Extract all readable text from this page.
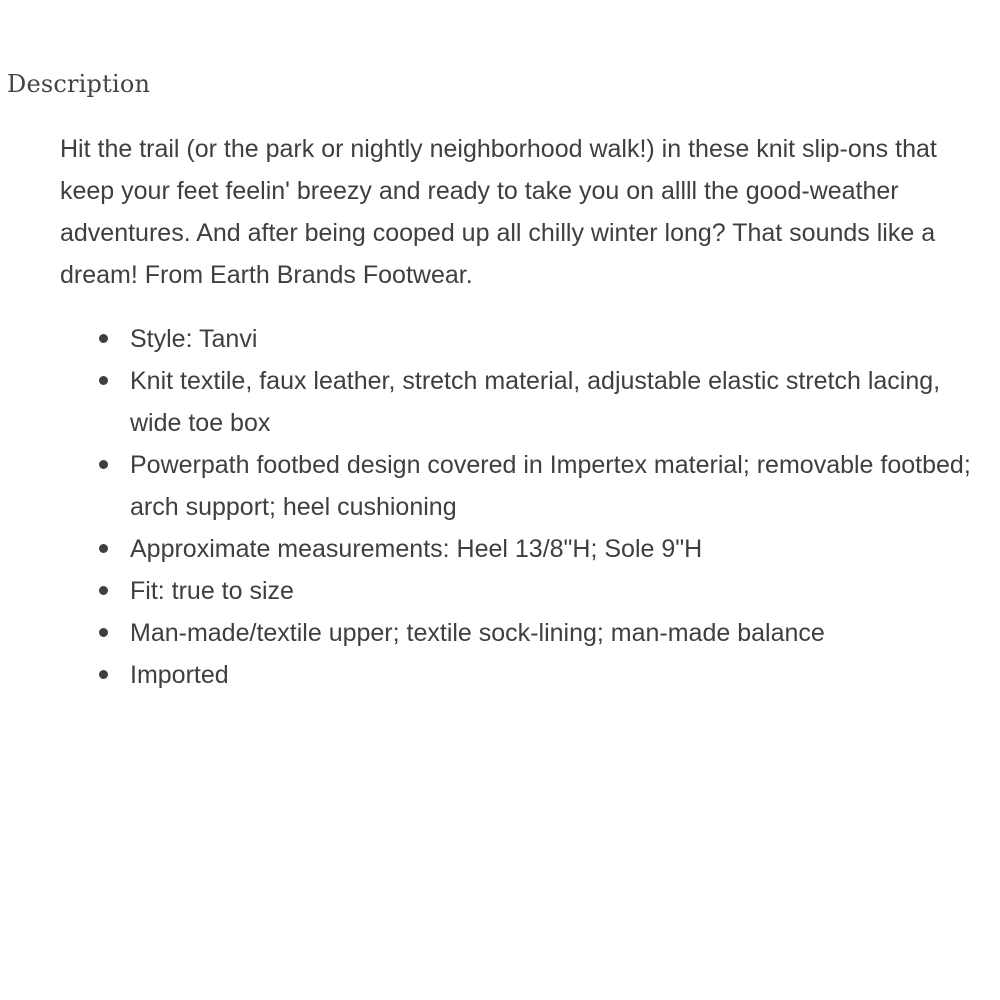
Description

Hit the trail (or the park or nightly neighborhood walk!) in these knit slip-ons that keep your feet feelin' breezy and ready to take you on allll the good-weather adventures. And after being cooped up all chilly winter long? That sounds like a dream! From Earth Brands Footwear.

Style: Tanvi
Knit textile, faux leather, stretch material, adjustable elastic stretch lacing, wide toe box
Powerpath footbed design covered in Impertex material; removable footbed; arch support; heel cushioning
Approximate measurements: Heel 13/8"H; Sole 9"H
Fit: true to size
Man-made/textile upper; textile sock-lining; man-made balance
Imported
